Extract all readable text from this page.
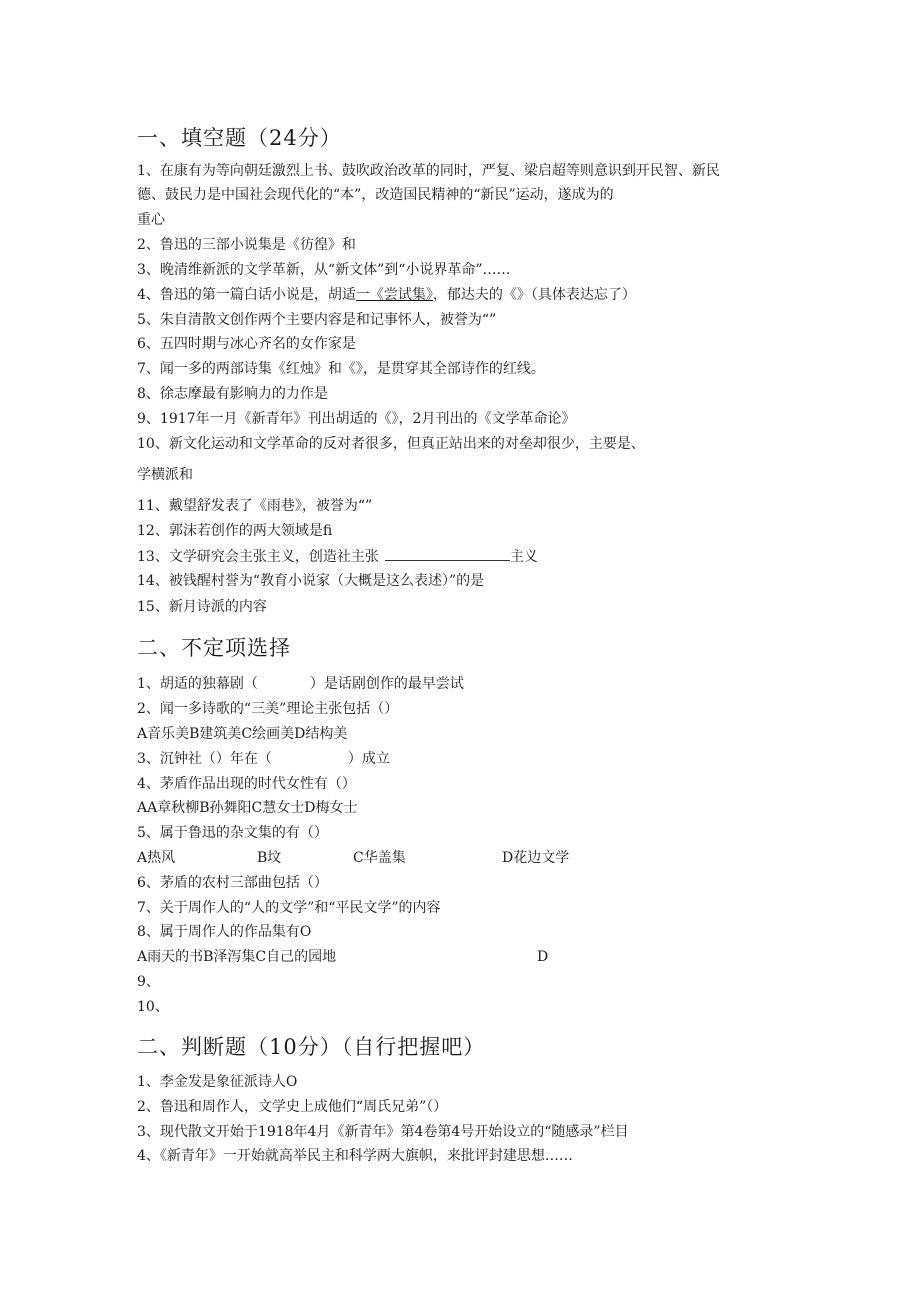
一、填空题（24分）
1、在康有为等向朝廷激烈上书、鼓吹政治改革的同时，严复、梁启超等则意识到开民智、新民
德、鼓民力是中国社会现代化的“本”，改造国民精神的“新民”运动，遂成为的
重心
2、鲁迅的三部小说集是《彷徨》和
3、晚清维新派的文学革新，从“新文体”到“小说界革命”……
4、鲁迅的第一篇白话小说是，胡适一《尝试集》，郁达夫的《》（具体表达忘了）
5、朱自清散文创作两个主要内容是和记事怀人，被誉为“”
6、五四时期与冰心齐名的女作家是
7、闻一多的两部诗集《红烛》和《》，是贯穿其全部诗作的红线。
8、徐志摩最有影响力的力作是
9、1917年一月《新青年》刊出胡适的《》，2月刊出的《文学革命论》
10、新文化运动和文学革命的反对者很多，但真正站出来的对垒却很少，主要是、
学横派和
11、戴望舒发表了《雨巷》，被誉为“”
12、郭沫若创作的两大领域是fi
13、文学研究会主张主义，创造社主张	主义
14、被钱醒村誉为“教育小说家（大概是这么表述）”的是
15、新月诗派的内容
二、不定项选择
1、胡适的独幕剧（	）是话剧创作的最早尝试
2、闻一多诗歌的“三美”理论主张包括（）
A音乐美B建筑美C绘画美D结构美
3、沉钟社（）年在（	）成立
4、茅盾作品出现的时代女性有（）
AA章秋柳B孙舞阳C慧女士D梅女士
5、属于鲁迅的杂文集的有（）
A热风	B坟	C华盖集	D花边文学
6、茅盾的农村三部曲包括（）
7、关于周作人的“人的文学”和“平民文学”的内容
8、属于周作人的作品集有O
A雨天的书B泽泻集C自己的园地	D
9、
10、
二、判断题（10分）（自行把握吧）
1、李金发是象征派诗人O
2、鲁迅和周作人，文学史上成他们“周氏兄弟”（）
3、现代散文开始于1918年4月《新青年》第4卷第4号开始设立的“随感录”栏目
4、《新青年》一开始就高举民主和科学两大旗帜，来批评封建思想……
